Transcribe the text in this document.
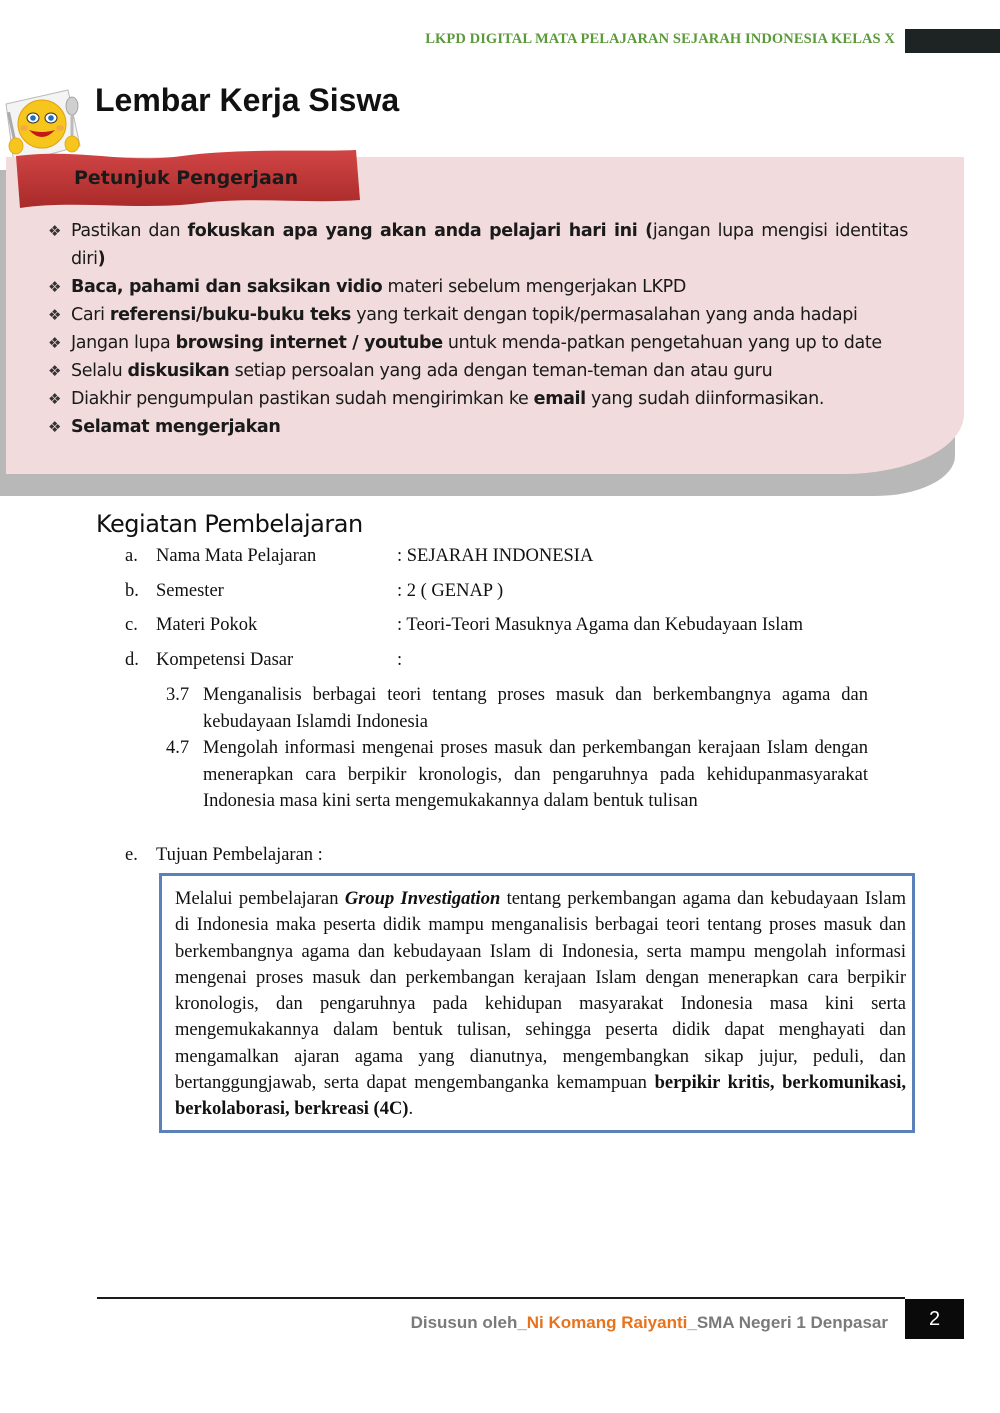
LKPD DIGITAL MATA PELAJARAN SEJARAH INDONESIA KELAS X
Lembar Kerja Siswa
Petunjuk Pengerjaan
❖ Pastikan dan fokuskan apa yang akan anda pelajari hari ini (jangan lupa mengisi identitas diri)
❖ Baca, pahami dan saksikan vidio materi sebelum mengerjakan LKPD
❖ Cari referensi/buku-buku teks yang terkait dengan topik/permasalahan yang anda hadapi
❖ Jangan lupa browsing internet / youtube untuk menda-patkan pengetahuan yang up to date
❖ Selalu diskusikan setiap persoalan yang ada dengan teman-teman dan atau guru
❖ Diakhir pengumpulan pastikan sudah mengirimkan ke email yang sudah diinformasikan.
❖ Selamat mengerjakan
Kegiatan Pembelajaran
a. Nama Mata Pelajaran	: SEJARAH INDONESIA
b. Semester	: 2 ( GENAP )
c. Materi Pokok	: Teori-Teori Masuknya Agama dan Kebudayaan Islam
d. Kompetensi Dasar	:
3.7 Menganalisis berbagai teori tentang proses masuk dan berkembangnya agama dan kebudayaan Islamdi Indonesia
4.7 Mengolah informasi mengenai proses masuk dan perkembangan kerajaan Islam dengan menerapkan cara berpikir kronologis, dan pengaruhnya pada kehidupanmasyarakat Indonesia masa kini serta mengemukakannya dalam bentuk tulisan
e. Tujuan Pembelajaran :

Melalui pembelajaran Group Investigation tentang perkembangan agama dan kebudayaan Islam di Indonesia maka peserta didik mampu menganalisis berbagai teori tentang proses masuk dan berkembangnya agama dan kebudayaan Islam di Indonesia, serta mampu mengolah informasi mengenai proses masuk dan perkembangan kerajaan Islam dengan menerapkan cara berpikir kronologis, dan pengaruhnya pada kehidupan masyarakat Indonesia masa kini serta mengemukakannya dalam bentuk tulisan, sehingga peserta didik dapat menghayati dan mengamalkan ajaran agama yang dianutnya, mengembangkan sikap jujur, peduli, dan bertanggungjawab, serta dapat mengembanganka kemampuan berpikir kritis, berkomunikasi, berkolaborasi, berkreasi (4C).

Disusun oleh_Ni Komang Raiyanti_SMA Negeri 1 Denpasar	2
